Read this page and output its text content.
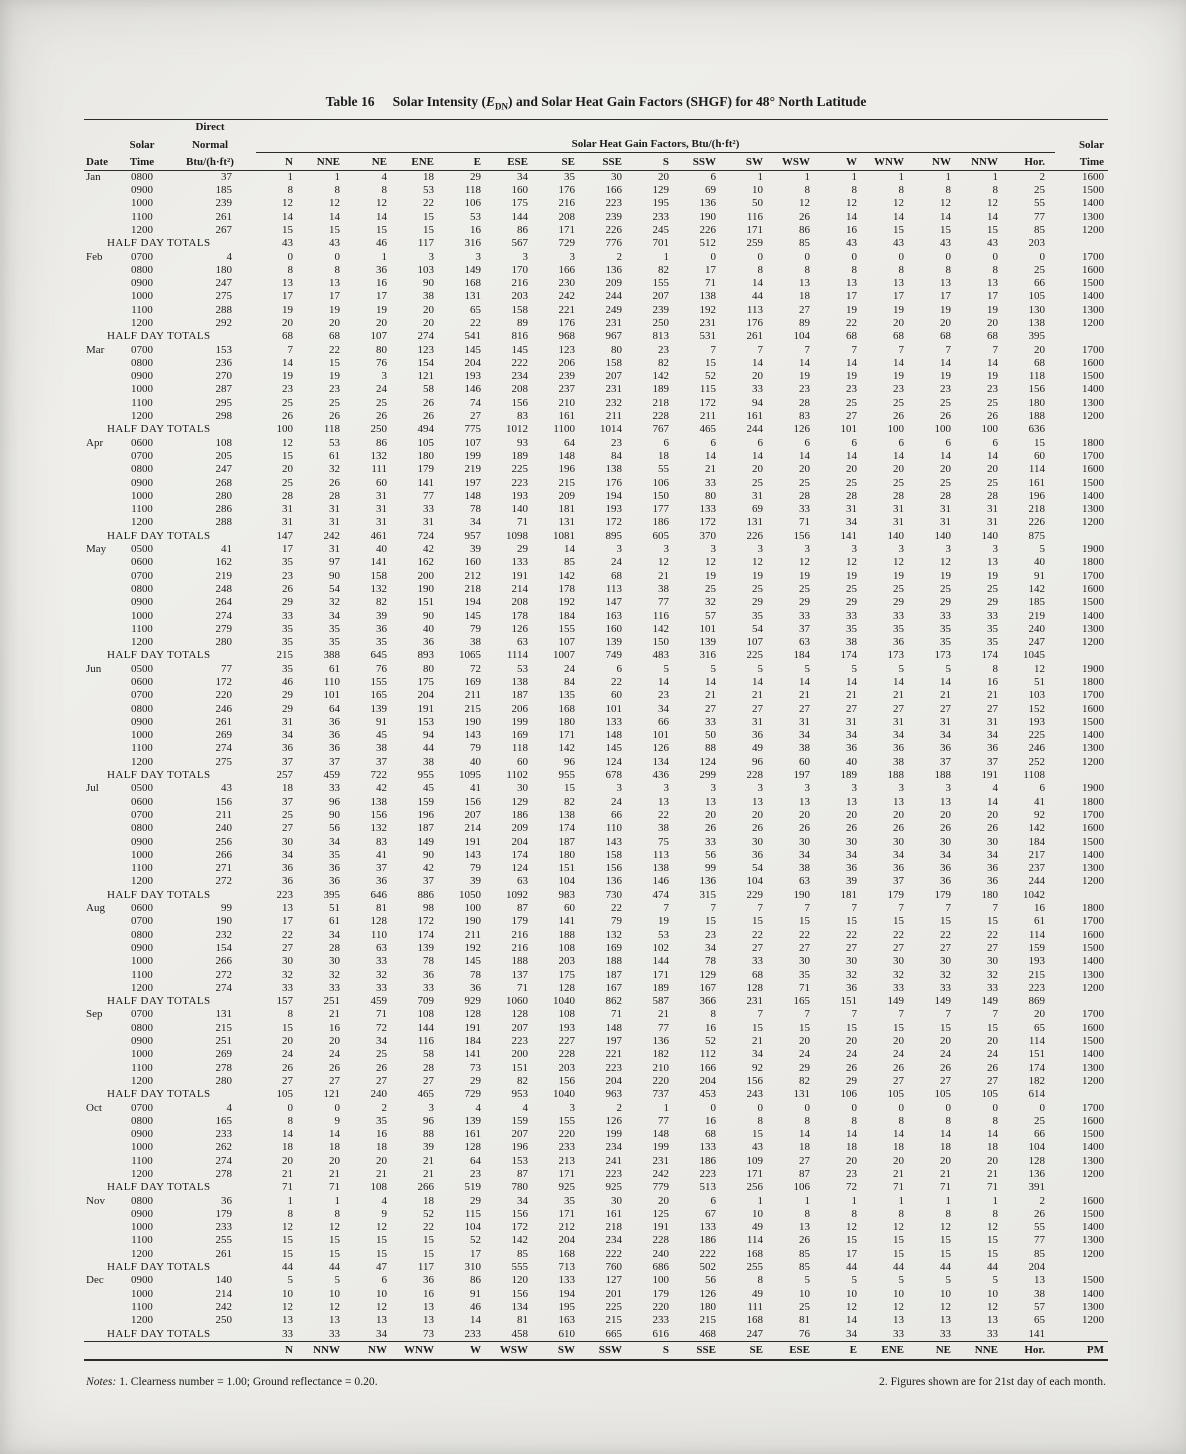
Table 16 Solar Intensity $(E_{DN})$ and Solar Heat Gain Factors (SHGF) for 48° North Latitude
		Direct																		
	Solar	Normal	Solar Heat Gain Factors, Btu/(h·ft²)																	Solar
Date	Time	Btu/(h·ft²)	N	NNE	NE	ENE	E	ESE	SE	SSE	S	SSW	SW	WSW	W	WNW	NW	NNW	Hor.	Time
Jan	0800	37	1	1	4	18	29	34	35	30	20	6	1	1	1	1	1	1	2	1600
	0900	185	8	8	8	53	118	160	176	166	129	69	10	8	8	8	8	8	25	1500
	1000	239	12	12	12	22	106	175	216	223	195	136	50	12	12	12	12	12	55	1400
	1100	261	14	14	14	15	53	144	208	239	233	190	116	26	14	14	14	14	77	1300
	1200	267	15	15	15	15	16	86	171	226	245	226	171	86	16	15	15	15	85	1200
HALF DAY TOTALS			43	43	46	117	316	567	729	776	701	512	259	85	43	43	43	43	203	
Feb	0700	4	0	0	1	3	3	3	3	2	1	0	0	0	0	0	0	0	0	1700
	0800	180	8	8	36	103	149	170	166	136	82	17	8	8	8	8	8	8	25	1600
	0900	247	13	13	16	90	168	216	230	209	155	71	14	13	13	13	13	13	66	1500
	1000	275	17	17	17	38	131	203	242	244	207	138	44	18	17	17	17	17	105	1400
	1100	288	19	19	19	20	65	158	221	249	239	192	113	27	19	19	19	19	130	1300
	1200	292	20	20	20	20	22	89	176	231	250	231	176	89	22	20	20	20	138	1200
HALF DAY TOTALS			68	68	107	274	541	816	968	967	813	531	261	104	68	68	68	68	395	
Mar	0700	153	7	22	80	123	145	145	123	80	23	7	7	7	7	7	7	7	20	1700
	0800	236	14	15	76	154	204	222	206	158	82	15	14	14	14	14	14	14	68	1600
	0900	270	19	19	3	121	193	234	239	207	142	52	20	19	19	19	19	19	118	1500
	1000	287	23	23	24	58	146	208	237	231	189	115	33	23	23	23	23	23	156	1400
	1100	295	25	25	25	26	74	156	210	232	218	172	94	28	25	25	25	25	180	1300
	1200	298	26	26	26	26	27	83	161	211	228	211	161	83	27	26	26	26	188	1200
HALF DAY TOTALS			100	118	250	494	775	1012	1100	1014	767	465	244	126	101	100	100	100	636	
Apr	0600	108	12	53	86	105	107	93	64	23	6	6	6	6	6	6	6	6	15	1800
	0700	205	15	61	132	180	199	189	148	84	18	14	14	14	14	14	14	14	60	1700
	0800	247	20	32	111	179	219	225	196	138	55	21	20	20	20	20	20	20	114	1600
	0900	268	25	26	60	141	197	223	215	176	106	33	25	25	25	25	25	25	161	1500
	1000	280	28	28	31	77	148	193	209	194	150	80	31	28	28	28	28	28	196	1400
	1100	286	31	31	31	33	78	140	181	193	177	133	69	33	31	31	31	31	218	1300
	1200	288	31	31	31	31	34	71	131	172	186	172	131	71	34	31	31	31	226	1200
HALF DAY TOTALS			147	242	461	724	957	1098	1081	895	605	370	226	156	141	140	140	140	875	
May	0500	41	17	31	40	42	39	29	14	3	3	3	3	3	3	3	3	3	5	1900
	0600	162	35	97	141	162	160	133	85	24	12	12	12	12	12	12	12	13	40	1800
	0700	219	23	90	158	200	212	191	142	68	21	19	19	19	19	19	19	19	91	1700
	0800	248	26	54	132	190	218	214	178	113	38	25	25	25	25	25	25	25	142	1600
	0900	264	29	32	82	151	194	208	192	147	77	32	29	29	29	29	29	29	185	1500
	1000	274	33	34	39	90	145	178	184	163	116	57	35	33	33	33	33	33	219	1400
	1100	279	35	35	36	40	79	126	155	160	142	101	54	37	35	35	35	35	240	1300
	1200	280	35	35	35	36	38	63	107	139	150	139	107	63	38	36	35	35	247	1200
HALF DAY TOTALS			215	388	645	893	1065	1114	1007	749	483	316	225	184	174	173	173	174	1045	
Jun	0500	77	35	61	76	80	72	53	24	6	5	5	5	5	5	5	5	8	12	1900
	0600	172	46	110	155	175	169	138	84	22	14	14	14	14	14	14	14	16	51	1800
	0700	220	29	101	165	204	211	187	135	60	23	21	21	21	21	21	21	21	103	1700
	0800	246	29	64	139	191	215	206	168	101	34	27	27	27	27	27	27	27	152	1600
	0900	261	31	36	91	153	190	199	180	133	66	33	31	31	31	31	31	31	193	1500
	1000	269	34	36	45	94	143	169	171	148	101	50	36	34	34	34	34	34	225	1400
	1100	274	36	36	38	44	79	118	142	145	126	88	49	38	36	36	36	36	246	1300
	1200	275	37	37	37	38	40	60	96	124	134	124	96	60	40	38	37	37	252	1200
HALF DAY TOTALS			257	459	722	955	1095	1102	955	678	436	299	228	197	189	188	188	191	1108	
Jul	0500	43	18	33	42	45	41	30	15	3	3	3	3	3	3	3	3	4	6	1900
	0600	156	37	96	138	159	156	129	82	24	13	13	13	13	13	13	13	14	41	1800
	0700	211	25	90	156	196	207	186	138	66	22	20	20	20	20	20	20	20	92	1700
	0800	240	27	56	132	187	214	209	174	110	38	26	26	26	26	26	26	26	142	1600
	0900	256	30	34	83	149	191	204	187	143	75	33	30	30	30	30	30	30	184	1500
	1000	266	34	35	41	90	143	174	180	158	113	56	36	34	34	34	34	34	217	1400
	1100	271	36	36	37	42	79	124	151	156	138	99	54	38	36	36	36	36	237	1300
	1200	272	36	36	36	37	39	63	104	136	146	136	104	63	39	37	36	36	244	1200
HALF DAY TOTALS			223	395	646	886	1050	1092	983	730	474	315	229	190	181	179	179	180	1042	
Aug	0600	99	13	51	81	98	100	87	60	22	7	7	7	7	7	7	7	7	16	1800
	0700	190	17	61	128	172	190	179	141	79	19	15	15	15	15	15	15	15	61	1700
	0800	232	22	34	110	174	211	216	188	132	53	23	22	22	22	22	22	22	114	1600
	0900	154	27	28	63	139	192	216	108	169	102	34	27	27	27	27	27	27	159	1500
	1000	266	30	30	33	78	145	188	203	188	144	78	33	30	30	30	30	30	193	1400
	1100	272	32	32	32	36	78	137	175	187	171	129	68	35	32	32	32	32	215	1300
	1200	274	33	33	33	33	36	71	128	167	189	167	128	71	36	33	33	33	223	1200
HALF DAY TOTALS			157	251	459	709	929	1060	1040	862	587	366	231	165	151	149	149	149	869	
Sep	0700	131	8	21	71	108	128	128	108	71	21	8	7	7	7	7	7	7	20	1700
	0800	215	15	16	72	144	191	207	193	148	77	16	15	15	15	15	15	15	65	1600
	0900	251	20	20	34	116	184	223	227	197	136	52	21	20	20	20	20	20	114	1500
	1000	269	24	24	25	58	141	200	228	221	182	112	34	24	24	24	24	24	151	1400
	1100	278	26	26	26	28	73	151	203	223	210	166	92	29	26	26	26	26	174	1300
	1200	280	27	27	27	27	29	82	156	204	220	204	156	82	29	27	27	27	182	1200
HALF DAY TOTALS			105	121	240	465	729	953	1040	963	737	453	243	131	106	105	105	105	614	
Oct	0700	4	0	0	2	3	4	4	3	2	1	0	0	0	0	0	0	0	0	1700
	0800	165	8	9	35	96	139	159	155	126	77	16	8	8	8	8	8	8	25	1600
	0900	233	14	14	16	88	161	207	220	199	148	68	15	14	14	14	14	14	66	1500
	1000	262	18	18	18	39	128	196	233	234	199	133	43	18	18	18	18	18	104	1400
	1100	274	20	20	20	21	64	153	213	241	231	186	109	27	20	20	20	20	128	1300
	1200	278	21	21	21	21	23	87	171	223	242	223	171	87	23	21	21	21	136	1200
HALF DAY TOTALS			71	71	108	266	519	780	925	925	779	513	256	106	72	71	71	71	391	
Nov	0800	36	1	1	4	18	29	34	35	30	20	6	1	1	1	1	1	1	2	1600
	0900	179	8	8	9	52	115	156	171	161	125	67	10	8	8	8	8	8	26	1500
	1000	233	12	12	12	22	104	172	212	218	191	133	49	13	12	12	12	12	55	1400
	1100	255	15	15	15	15	52	142	204	234	228	186	114	26	15	15	15	15	77	1300
	1200	261	15	15	15	15	17	85	168	222	240	222	168	85	17	15	15	15	85	1200
HALF DAY TOTALS			44	44	47	117	310	555	713	760	686	502	255	85	44	44	44	44	204	
Dec	0900	140	5	5	6	36	86	120	133	127	100	56	8	5	5	5	5	5	13	1500
	1000	214	10	10	10	16	91	156	194	201	179	126	49	10	10	10	10	10	38	1400
	1100	242	12	12	12	13	46	134	195	225	220	180	111	25	12	12	12	12	57	1300
	1200	250	13	13	13	13	14	81	163	215	233	215	168	81	14	13	13	13	65	1200
HALF DAY TOTALS			33	33	34	73	233	458	610	665	616	468	247	76	34	33	33	33	141	
			N	NNW	NW	WNW	W	WSW	SW	SSW	S	SSE	SE	ESE	E	ENE	NE	NNE	Hor.	PM
Notes: 1. Clearness number = 1.00; Ground reflectance = 0.20.	2. Figures shown are for 21st day of each month.
